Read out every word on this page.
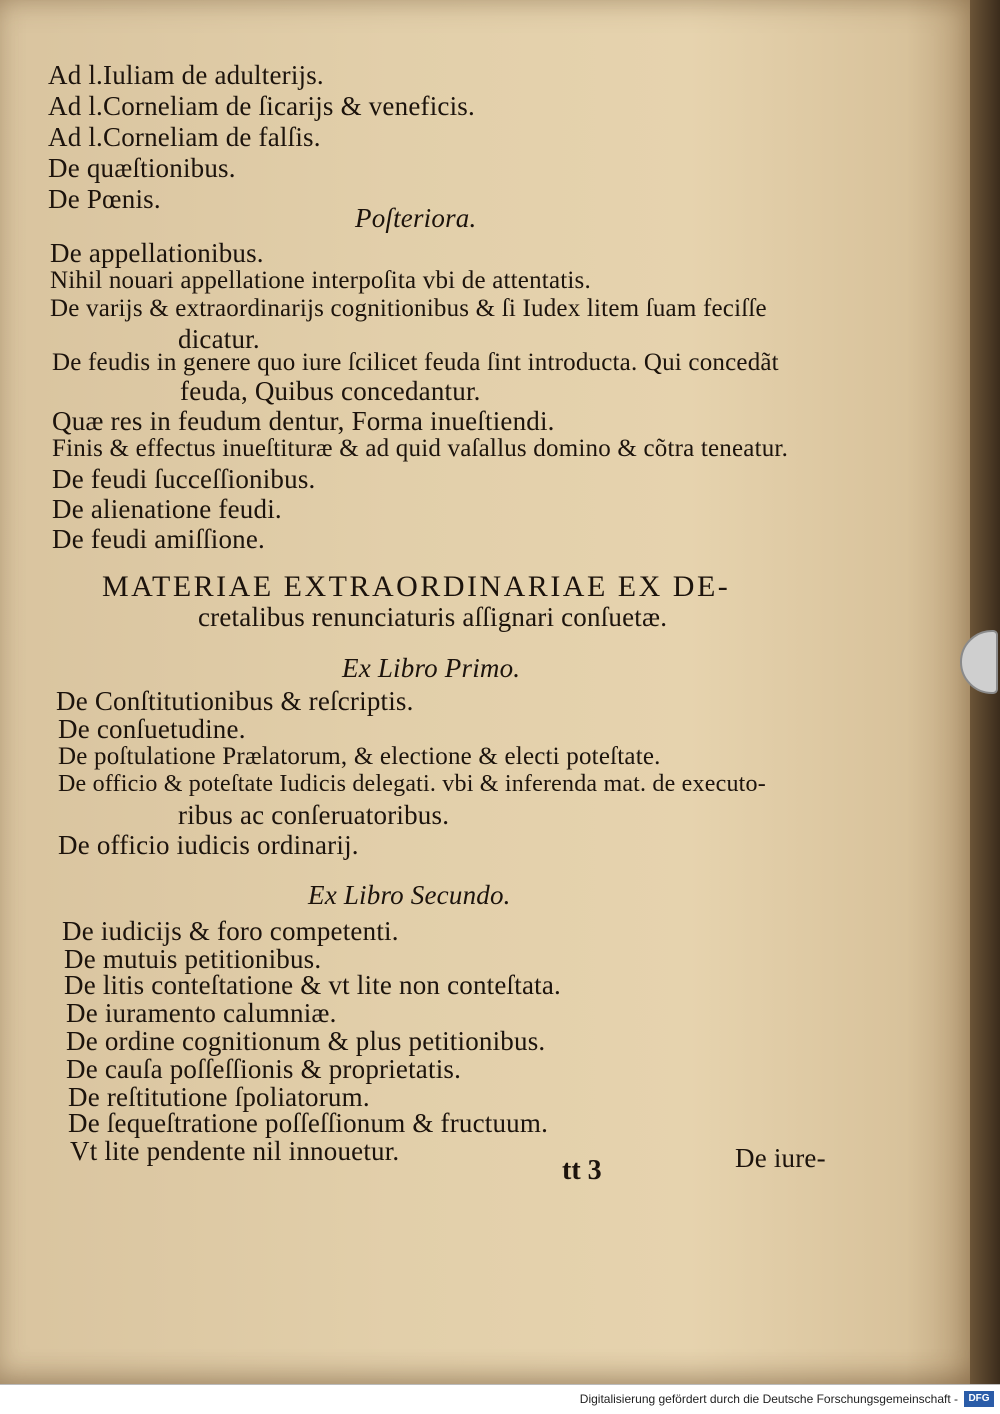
Ad l.Iuliam de adulterijs.
Ad l.Corneliam de ſicarijs & veneficis.
Ad l.Corneliam de falſis.
De quæſtionibus.
De Pœnis.
Poſteriora.
De appellationibus.
Nihil nouari appellatione interpoſita vbi de attentatis.
De varijs & extraordinarijs cognitionibus & ſi Iudex litem ſuam feciſſe
dicatur.
De feudis in genere quo iure ſcilicet feuda ſint introducta. Qui concedãt
feuda, Quibus concedantur.
Quæ res in feudum dentur, Forma inueſtiendi.
Finis & effectus inueſtituræ & ad quid vaſallus domino & cõtra teneatur.
De feudi ſucceſſionibus.
De alienatione feudi.
De feudi amiſſione.
MATERIAE EXTRAORDINARIAE EX DE-
cretalibus renunciaturis aſſignari conſuetæ.
Ex Libro Primo.
De Conſtitutionibus & reſcriptis.
De conſuetudine.
De poſtulatione Prælatorum, & electione & electi poteſtate.
De officio & poteſtate Iudicis delegati. vbi & inferenda mat. de executo-
ribus ac conſeruatoribus.
De officio iudicis ordinarij.
Ex Libro Secundo.
De iudicijs & foro competenti.
De mutuis petitionibus.
De litis conteſtatione & vt lite non conteſtata.
De iuramento calumniæ.
De ordine cognitionum & plus petitionibus.
De cauſa poſſeſſionis & proprietatis.
De reſtitutione ſpoliatorum.
De ſequeſtratione poſſeſſionum & fructuum.
Vt lite pendente nil innouetur.
tt 3	De iure-
Digitalisierung gefördert durch die Deutsche Forschungsgemeinschaft -	DFG
